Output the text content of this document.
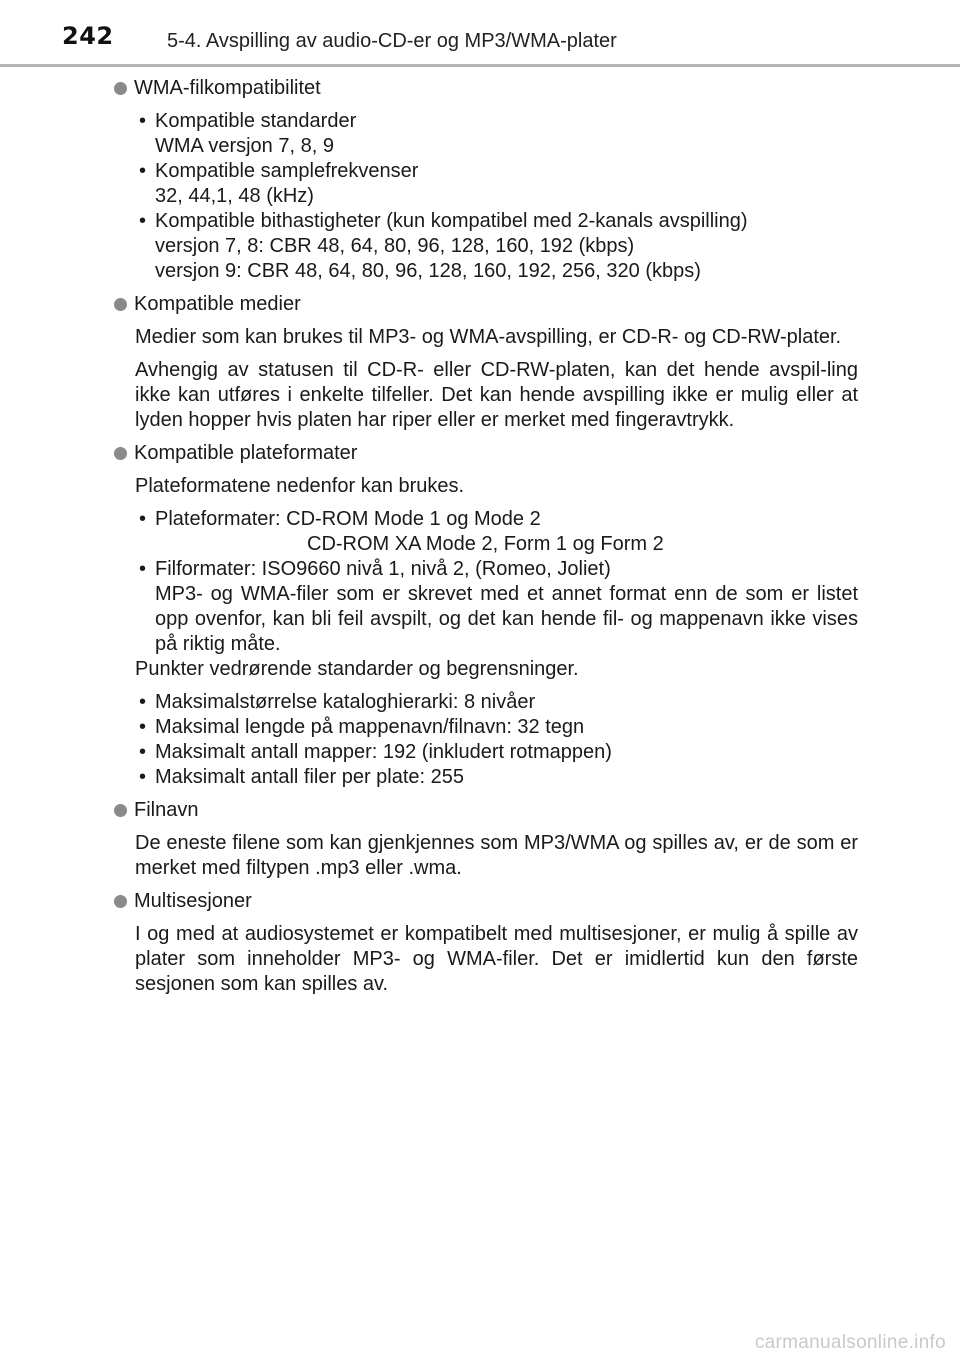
242	5-4. Avspilling av audio-CD-er og MP3/WMA-plater
WMA-filkompatibilitet
• Kompatible standarder
WMA versjon 7, 8, 9
• Kompatible samplefrekvenser
32, 44,1, 48 (kHz)
• Kompatible bithastigheter (kun kompatibel med 2-kanals avspilling)
versjon 7, 8: CBR 48, 64, 80, 96, 128, 160, 192 (kbps)
versjon 9: CBR 48, 64, 80, 96, 128, 160, 192, 256, 320 (kbps)
Kompatible medier

Medier som kan brukes til MP3- og WMA-avspilling, er CD-R- og CD-RW-plater.

Avhengig av statusen til CD-R- eller CD-RW-platen, kan det hende avspil-ling ikke kan utføres i enkelte tilfeller. Det kan hende avspilling ikke er mulig eller at lyden hopper hvis platen har riper eller er merket med fingeravtrykk.

Kompatible plateformater

Plateformatene nedenfor kan brukes.

• Plateformater: CD-ROM Mode 1 og Mode 2
CD-ROM XA Mode 2, Form 1 og Form 2
• Filformater: ISO9660 nivå 1, nivå 2, (Romeo, Joliet)
MP3- og WMA-filer som er skrevet med et annet format enn de som er listet opp ovenfor, kan bli feil avspilt, og det kan hende fil- og mappenavn ikke vises på riktig måte.

Punkter vedrørende standarder og begrensninger.

• Maksimalstørrelse kataloghierarki: 8 nivåer
• Maksimal lengde på mappenavn/filnavn: 32 tegn
• Maksimalt antall mapper: 192 (inkludert rotmappen)
• Maksimalt antall filer per plate: 255
Filnavn

De eneste filene som kan gjenkjennes som MP3/WMA og spilles av, er de som er merket med filtypen .mp3 eller .wma.

Multisesjoner

I og med at audiosystemet er kompatibelt med multisesjoner, er mulig å spille av plater som inneholder MP3- og WMA-filer. Det er imidlertid kun den første sesjonen som kan spilles av.

carmanualsonline.info
